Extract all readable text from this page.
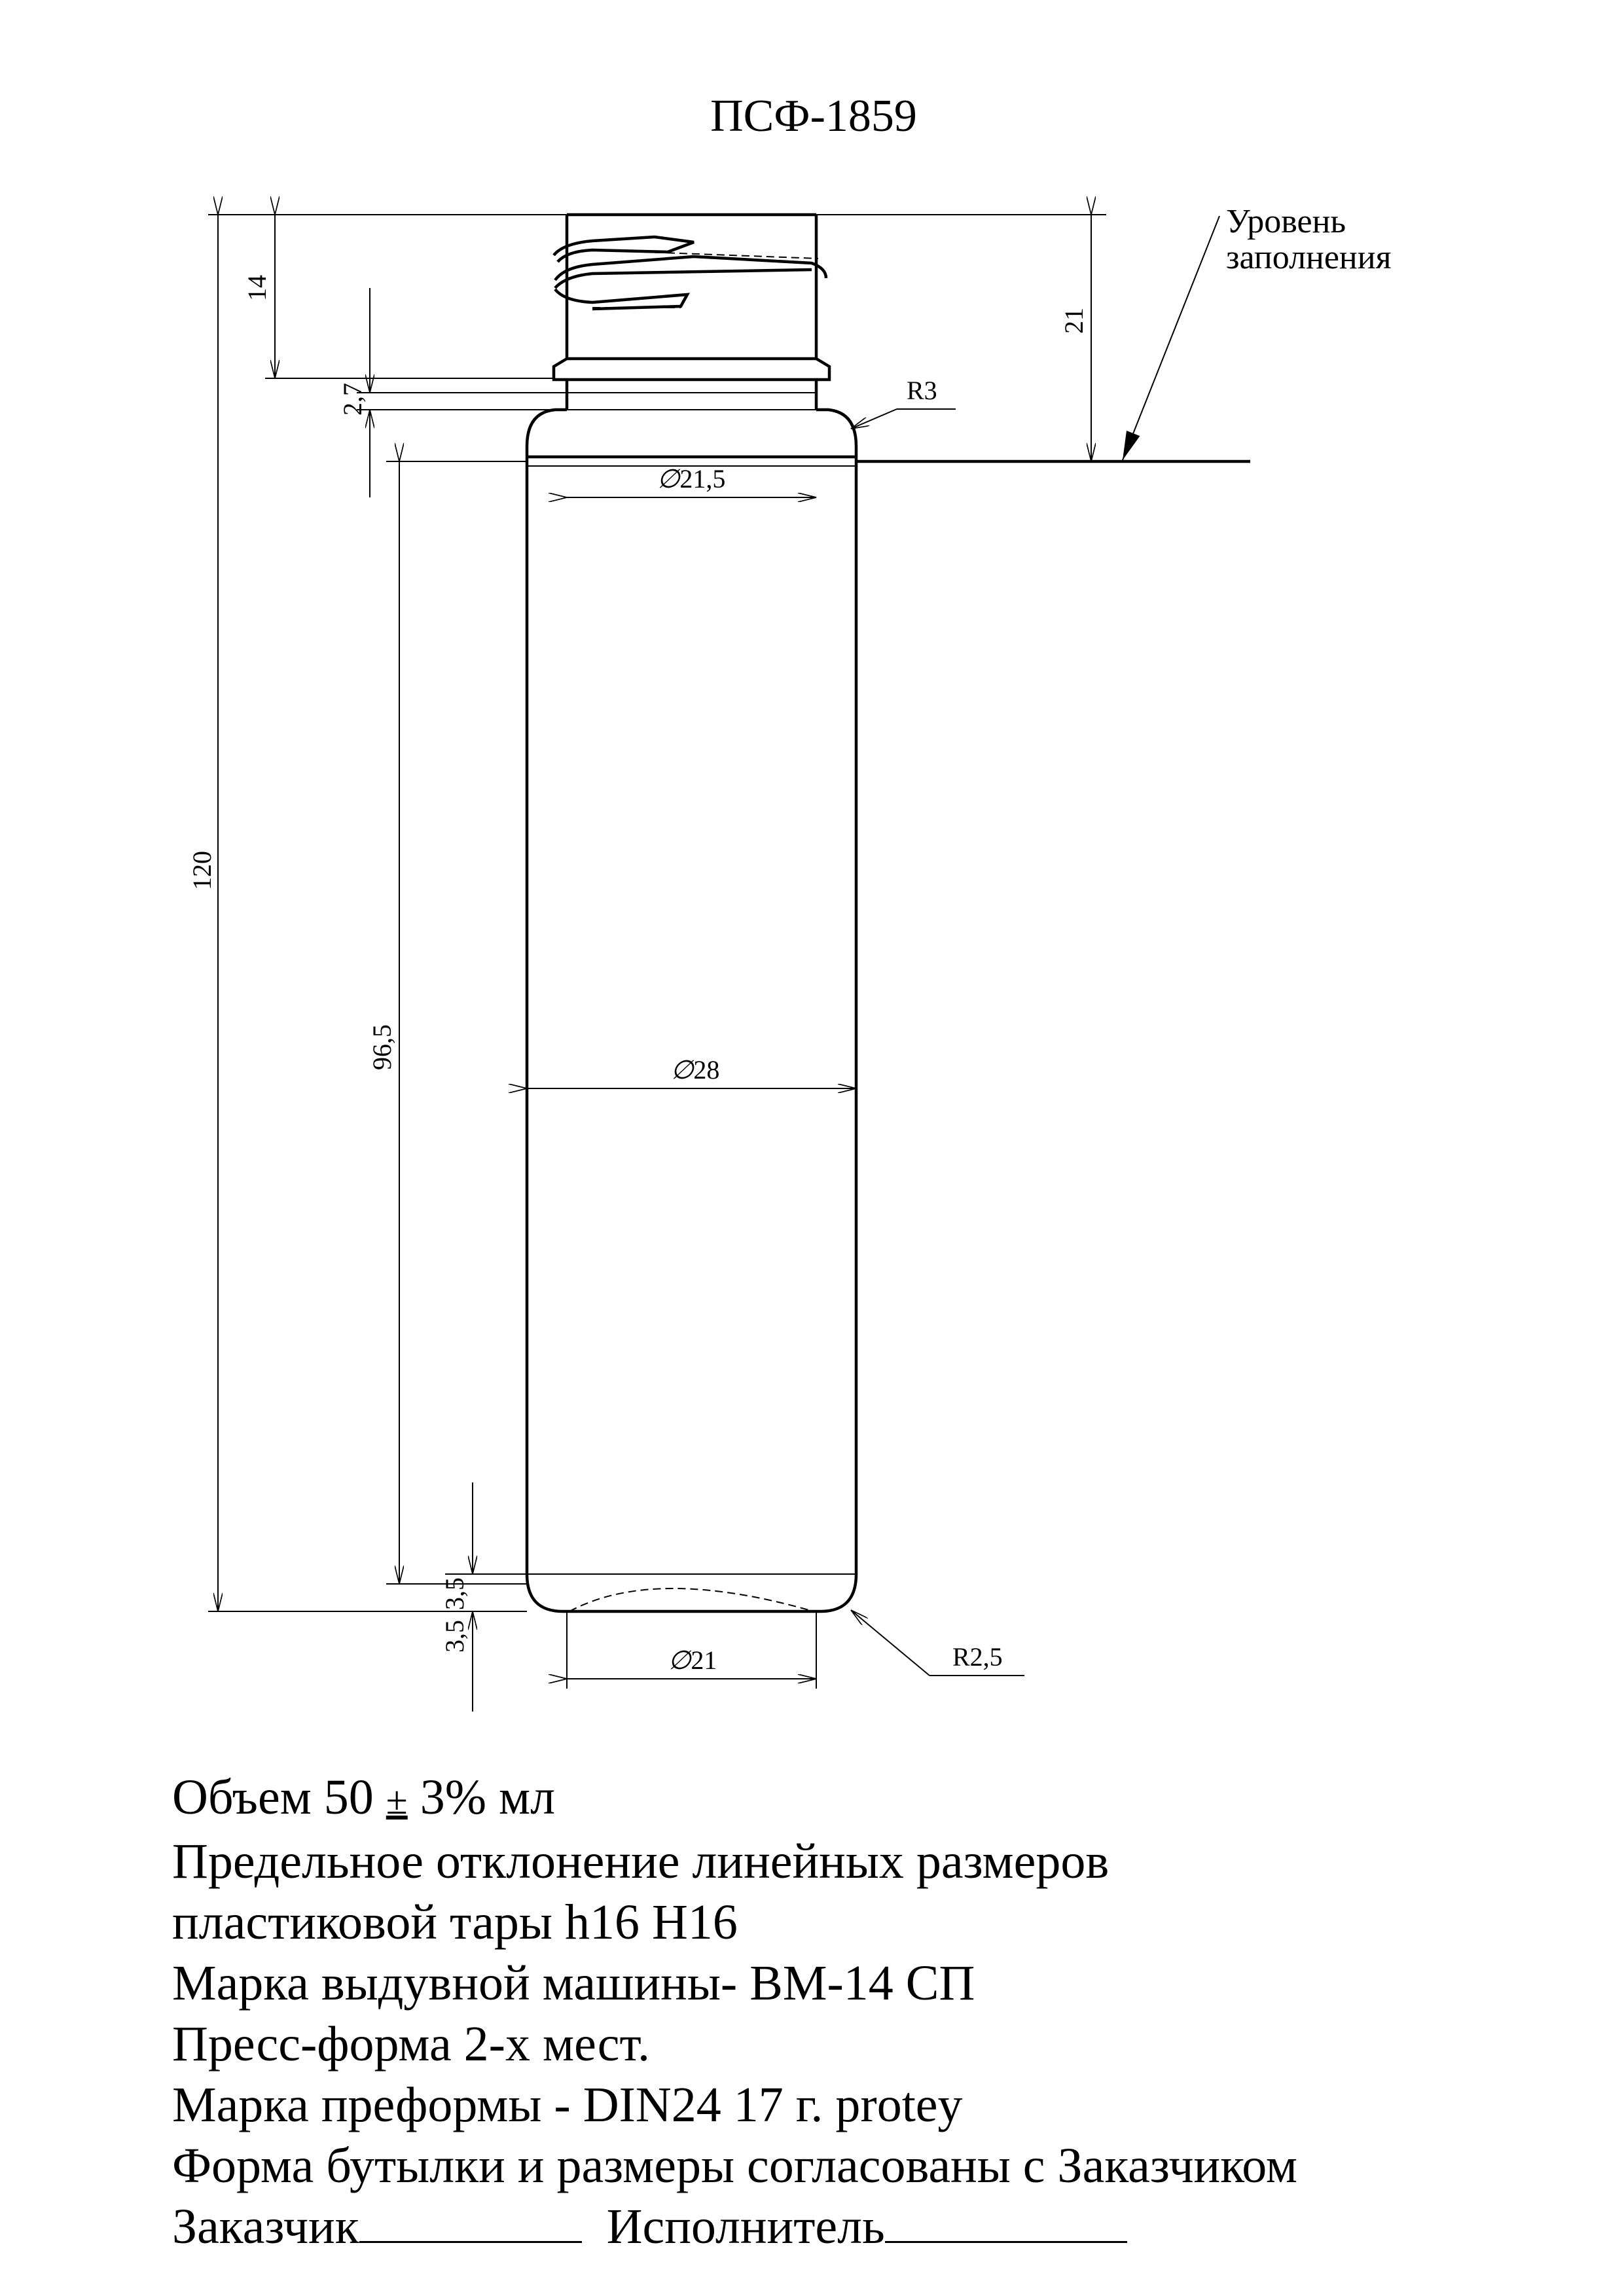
ПСФ-1859
Уровень
заполнения
120
14
21
2,7
96,5
3,5
3,5
∅21,5
∅28
∅21
R3
R2,5
Объем 50 ± 3% мл
Предельное отклонение линейных размеров
пластиковой тары h16 H16
Марка выдувной машины- ВМ-14 СП
Пресс-форма 2-х мест.
Марка преформы - DIN24 17 г. protey
Форма бутылки и размеры согласованы с Заказчиком
Заказчик	Исполнитель
